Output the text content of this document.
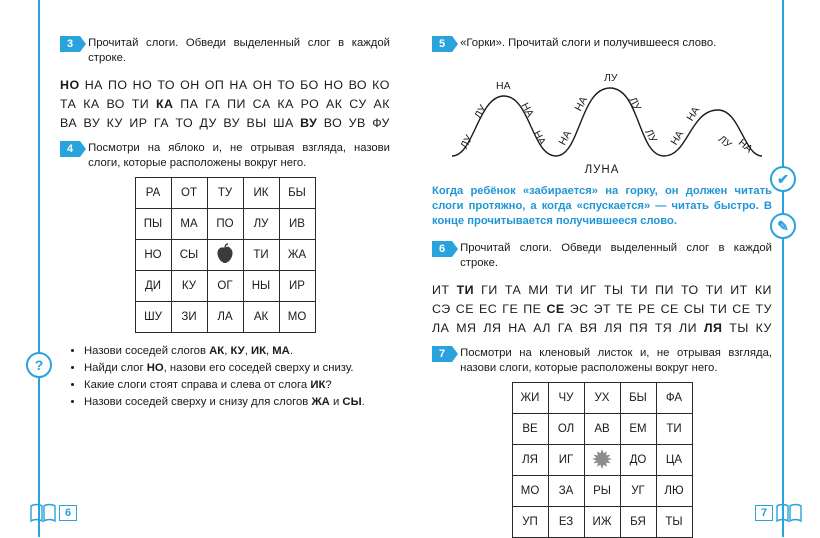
?
✔
✎
3	Прочитай слоги. Обведи выделенный слог в каждой строке.
НО НА ПО НО ТО ОН ОП НА ОН ТО БО НО ВО КО
ТА КА ВО ТИ КА ПА ГА ПИ СА КА РО АК СУ АК
ВА ВУ КУ ИР ГА ТО ДУ ВУ ВЫ ША ВУ ВО УВ ФУ
4	Посмотри на яблоко и, не отрывая взгляда, назови слоги, которые расположены вокруг него.
РА	ОТ	ТУ	ИК	БЫ
ПЫ	МА	ПО	ЛУ	ИВ
НО	СЫ		ТИ	ЖА
ДИ	КУ	ОГ	НЫ	ИР
ШУ	ЗИ	ЛА	АК	МО
• Назови соседей слогов АК, КУ, ИК, МА.
• Найди слог НО, назови его соседей сверху и снизу.
• Какие слоги стоят справа и слева от слога ИК?
• Назови соседей сверху и снизу для слогов ЖА и СЫ.
5	«Горки». Прочитай слоги и получившееся слово.
ЛУ
ЛУ
НА
НА
НА НА
НА
ЛУ
ЛУ
ЛУ НА
НА
ЛУ НА
ЛУНА
Когда ребёнок «забирается» на горку, он должен читать слоги протяжно, а когда «спускается» — читать быстро. В конце прочитывается получившееся слово.
6	Прочитай слоги. Обведи выделенный слог в каждой строке.
ИТ ТИ ГИ ТА МИ ТИ ИГ ТЫ ТИ ПИ ТО ТИ ИТ КИ
СЭ СЕ ЕС ГЕ ПЕ СЕ ЭС ЭТ ТЕ РЕ СЕ СЫ ТИ СЕ ТУ
ЛА МЯ ЛЯ НА АЛ ГА ВЯ ЛЯ ПЯ ТЯ ЛИ ЛЯ ТЫ КУ
7	Посмотри на кленовый листок и, не отрывая взгляда, назови слоги, которые расположены вокруг него.
ЖИ	ЧУ	УХ	БЫ	ФА
ВЕ	ОЛ	АВ	ЕМ	ТИ
ЛЯ	ИГ		ДО	ЦА
МО	ЗА	РЫ	УГ	ЛЮ
УП	ЕЗ	ИЖ	БЯ	ТЫ
6	7
